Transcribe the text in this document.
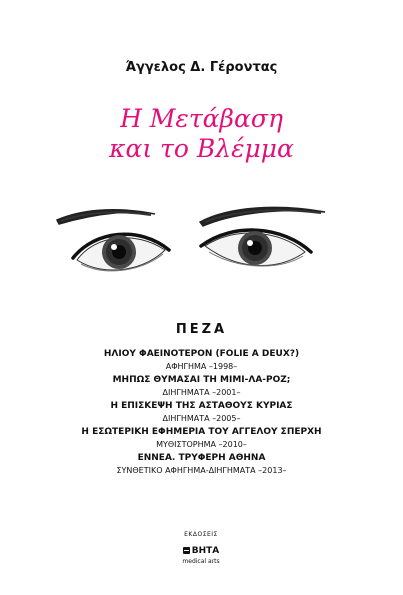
Άγγελος Δ. Γέροντας
Η Μετάβαση
και το Βλέμμα
ΠΕΖΑ
ΗΛΙΟΥ ΦΑΕΙΝΟΤΕΡΟΝ (FOLIE A DEUX?)
ΑΦΗΓΗΜΑ –1998–
ΜΗΠΩΣ ΘΥΜΑΣΑΙ ΤΗ ΜΙΜΙ-ΛΑ-ΡΟΖ;
ΔΙΗΓΗΜΑΤΑ –2001–
Η ΕΠΙΣΚΕΨΗ ΤΗΣ ΑΣΤΑΘΟΥΣ ΚΥΡΙΑΣ
ΔΙΗΓΗΜΑΤΑ –2005–
Η ΕΣΩΤΕΡΙΚΗ ΕΦΗΜΕΡΙΑ ΤΟΥ ΑΓΓΕΛΟΥ ΣΠΕΡΧΗ
ΜΥΘΙΣΤΟΡΗΜΑ –2010–
ΕΝΝΕΑ. ΤΡΥΦΕΡΗ ΑΘΗΝΑ
ΣΥΝΘΕΤΙΚΟ ΑΦΗΓΗΜΑ-ΔΙΗΓΗΜΑΤΑ –2013–
ΕΚΔΟΣΕΙΣ
ΒΗΤΑ
medical arts
